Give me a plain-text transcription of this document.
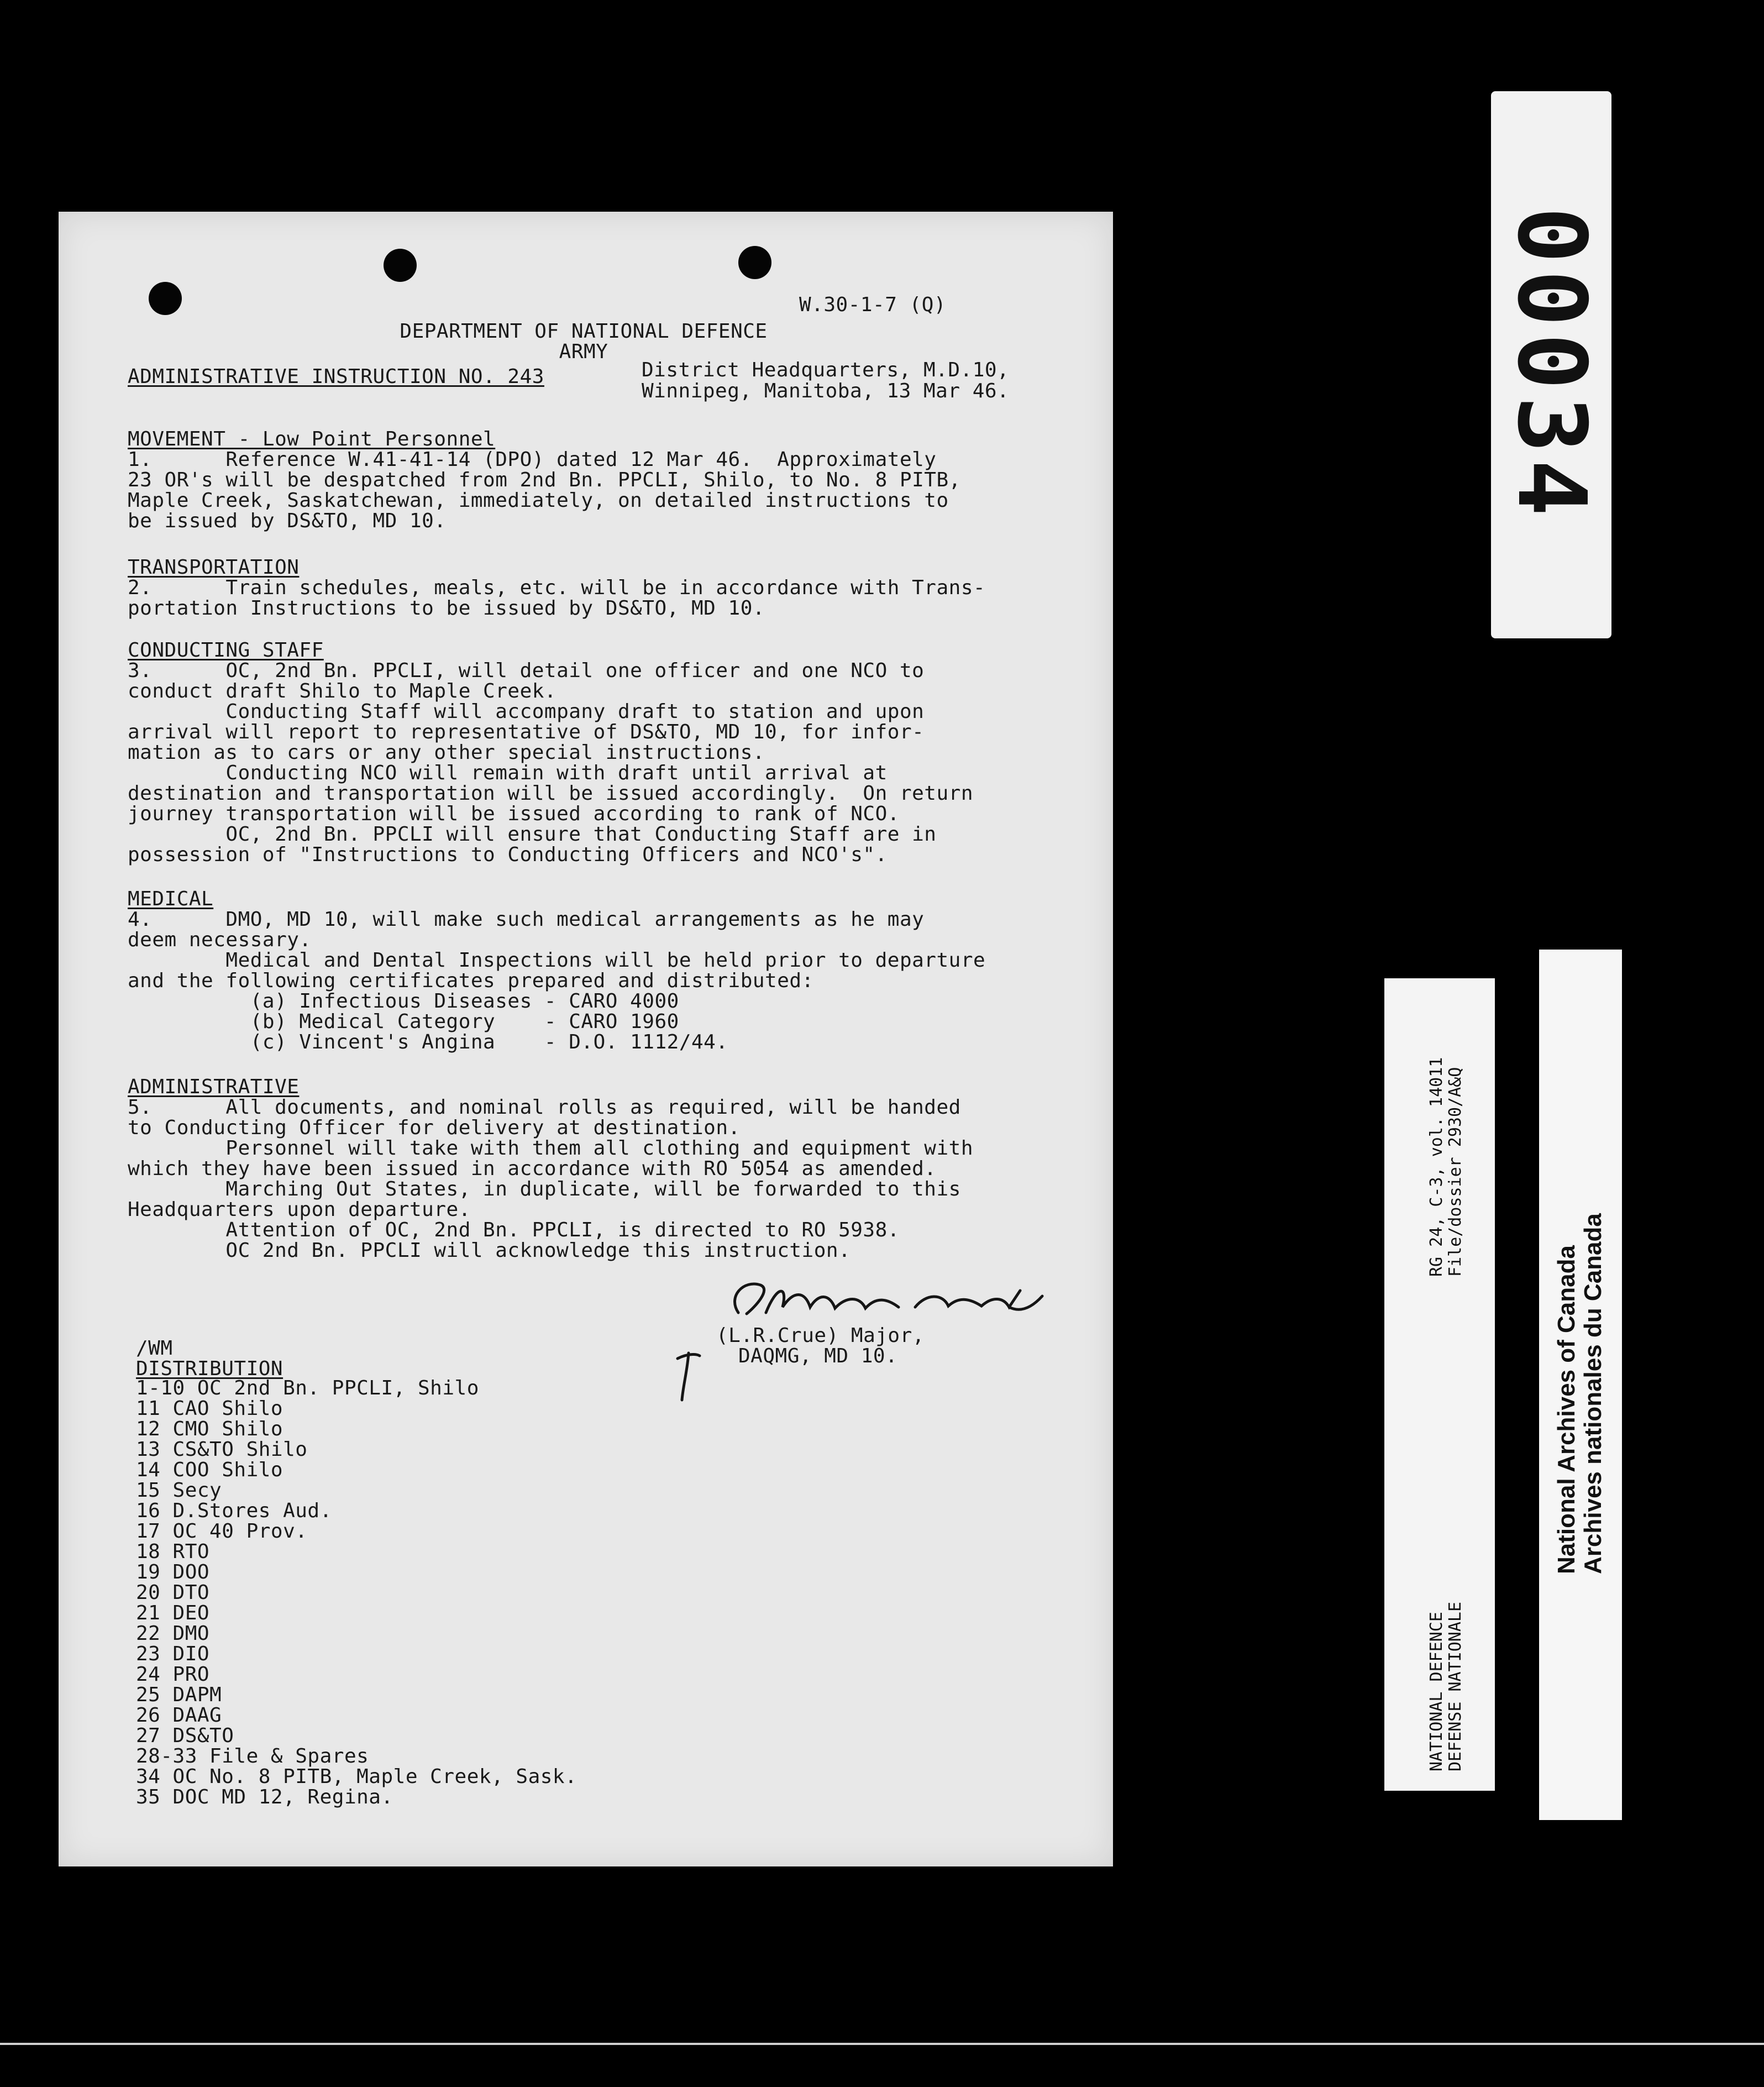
W.30-1-7 (Q)
DEPARTMENT OF NATIONAL DEFENCE
ARMY
ADMINISTRATIVE INSTRUCTION NO. 243	District Headquarters, M.D.10,
Winnipeg, Manitoba, 13 Mar 46.
MOVEMENT - Low Point Personnel
1.      Reference W.41-41-14 (DPO) dated 12 Mar 46.  Approximately
23 OR's will be despatched from 2nd Bn. PPCLI, Shilo, to No. 8 PITB,
Maple Creek, Saskatchewan, immediately, on detailed instructions to
be issued by DS&TO, MD 10.
TRANSPORTATION
2.      Train schedules, meals, etc. will be in accordance with Trans-
portation Instructions to be issued by DS&TO, MD 10.
CONDUCTING STAFF
3.      OC, 2nd Bn. PPCLI, will detail one officer and one NCO to
conduct draft Shilo to Maple Creek.
Conducting Staff will accompany draft to station and upon
arrival will report to representative of DS&TO, MD 10, for infor-
mation as to cars or any other special instructions.
Conducting NCO will remain with draft until arrival at
destination and transportation will be issued accordingly.  On return
journey transportation will be issued according to rank of NCO.
OC, 2nd Bn. PPCLI will ensure that Conducting Staff are in
possession of "Instructions to Conducting Officers and NCO's".
MEDICAL
4.      DMO, MD 10, will make such medical arrangements as he may
deem necessary.
Medical and Dental Inspections will be held prior to departure
and the following certificates prepared and distributed:
(a) Infectious Diseases - CARO 4000
(b) Medical Category    - CARO 1960
(c) Vincent's Angina    - D.O. 1112/44.
ADMINISTRATIVE
5.      All documents, and nominal rolls as required, will be handed
to Conducting Officer for delivery at destination.
Personnel will take with them all clothing and equipment with
which they have been issued in accordance with RO 5054 as amended.
Marching Out States, in duplicate, will be forwarded to this
Headquarters upon departure.
Attention of OC, 2nd Bn. PPCLI, is directed to RO 5938.
OC 2nd Bn. PPCLI will acknowledge this instruction.
(L.R.Crue) Major,
DAQMG, MD 10.
/WM
DISTRIBUTION
1-10 OC 2nd Bn. PPCLI, Shilo
11 CAO Shilo
12 CMO Shilo
13 CS&TO Shilo
14 COO Shilo
15 Secy
16 D.Stores Aud.
17 OC 40 Prov.
18 RTO
19 DOO
20 DTO
21 DEO
22 DMO
23 DIO
24 PRO
25 DAPM
26 DAAG
27 DS&TO
28-33 File & Spares
34 OC No. 8 PITB, Maple Creek, Sask.
35 DOC MD 12, Regina.
00034
RG 24, C-3, vol. 14011 File/dossier 2930/A&Q
NATIONAL DEFENCE DEFENSE NATIONALE
National Archives of Canada Archives nationales du Canada
